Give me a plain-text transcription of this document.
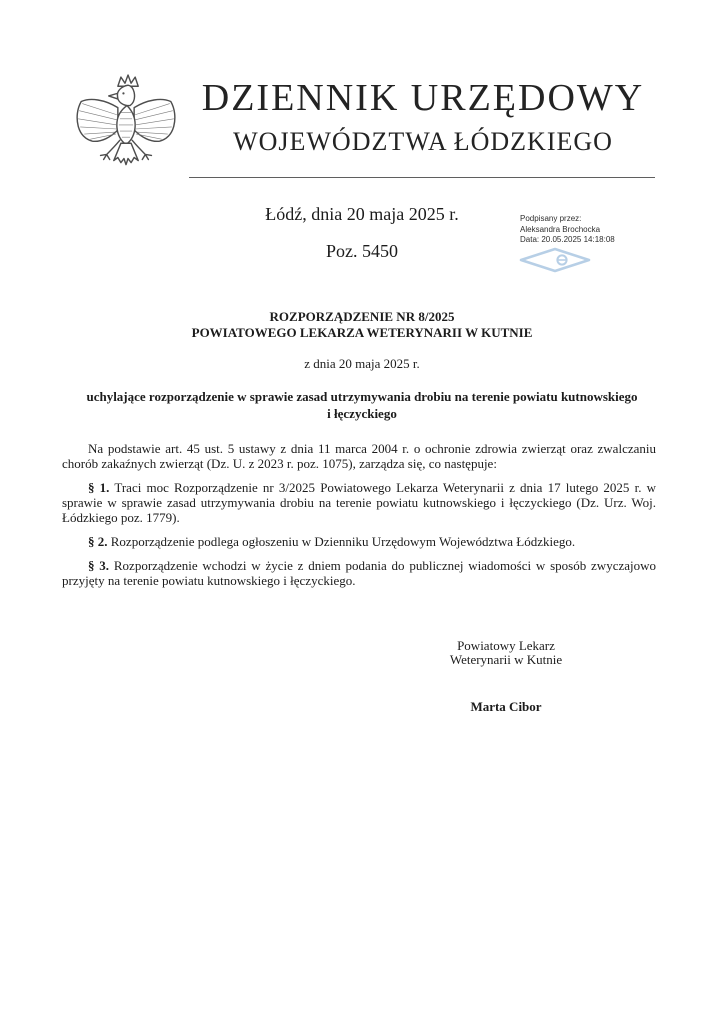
DZIENNIK URZĘDOWY
WOJEWÓDZTWA ŁÓDZKIEGO
Łódź, dnia 20 maja 2025 r.
Poz. 5450
Podpisany przez:
Aleksandra Brochocka
Data: 20.05.2025 14:18:08
ROZPORZĄDZENIE NR 8/2025
POWIATOWEGO LEKARZA WETERYNARII W KUTNIE
z dnia 20 maja 2025 r.
uchylające rozporządzenie w sprawie zasad utrzymywania drobiu na terenie powiatu kutnowskiego
i łęczyckiego

Na podstawie art. 45 ust. 5 ustawy z dnia 11 marca 2004 r. o ochronie zdrowia zwierząt oraz zwalczaniu chorób zakaźnych zwierząt (Dz. U. z 2023 r. poz. 1075), zarządza się, co następuje:

§ 1. Traci moc Rozporządzenie nr 3/2025 Powiatowego Lekarza Weterynarii z dnia 17 lutego 2025 r. w sprawie w sprawie zasad utrzymywania drobiu na terenie powiatu kutnowskiego i łęczyckiego (Dz. Urz. Woj. Łódzkiego poz. 1779).

§ 2. Rozporządzenie podlega ogłoszeniu w Dzienniku Urzędowym Województwa Łódzkiego.

§ 3. Rozporządzenie wchodzi w życie z dniem podania do publicznej wiadomości w sposób zwyczajowo przyjęty na terenie powiatu kutnowskiego i łęczyckiego.

Powiatowy Lekarz
Weterynarii w Kutnie
Marta Cibor
